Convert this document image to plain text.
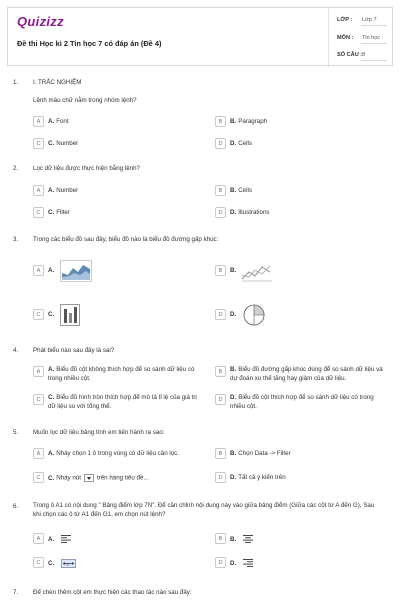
Quizizz
Đề thi Học kì 2 Tin học 7 có đáp án (Đề 4)
LỚP : Lớp 7
MÔN : Tin học
SỐ CÂU :8
1. I. TRẮC NGHIỆM
Lệnh màu chữ nằm trong nhóm lệnh?
A	A. Font	B	B. Paragraph
C	C. Number	D	D. Cells
2. Lọc dữ liệu được thực hiện bằng lệnh?
A	A. Number	B	B. Cells
C	C. Filter	D	D. Illustrations
3. Trong các biểu đồ sau đây, biểu đồ nào là biểu đồ đường gấp khúc:
A	A.	B	B.
C	C.	D	D.
4. Phát biểu nào sau đây là sai?
A	A. Biểu đồ cột không thích hợp để so sánh dữ liệu có trong nhiều cột.
B	B. Biểu đồ đường gấp khúc dùng để so sánh dữ liệu và dự đoán xu thế tăng hay giảm của dữ liệu.
C	C. Biểu đồ hình tròn thích hợp để mô tả tỉ lệ của giá trị dữ liệu so với tổng thể.
D	D. Biểu đồ cột thích hợp để so sánh dữ liệu có trong nhiều cột.
5. Muốn lọc dữ liệu bảng tính em tiến hành ra sao:
A	A. Nháy chọn 1 ô trong vùng có dữ liệu cần lọc.	B	B. Chọn Data -> Filter
C	C. Nháy nút	trên hàng tiêu đề...	D	D. Tất cả ý kiến trên
6. Trong ô A1 có nội dung " Bảng điểm lớp 7N". Để căn chỉnh nội dung này vào giữa bảng điểm (Giữa các cột từ A đến G), Sau khi chọn các ô từ A1 đến G1, em chọn nút lệnh?
A	A.	B	B.
C	C.	a	D	D.
7. Để chèn thêm cột em thực hiện các thao tác nào sau đây:
